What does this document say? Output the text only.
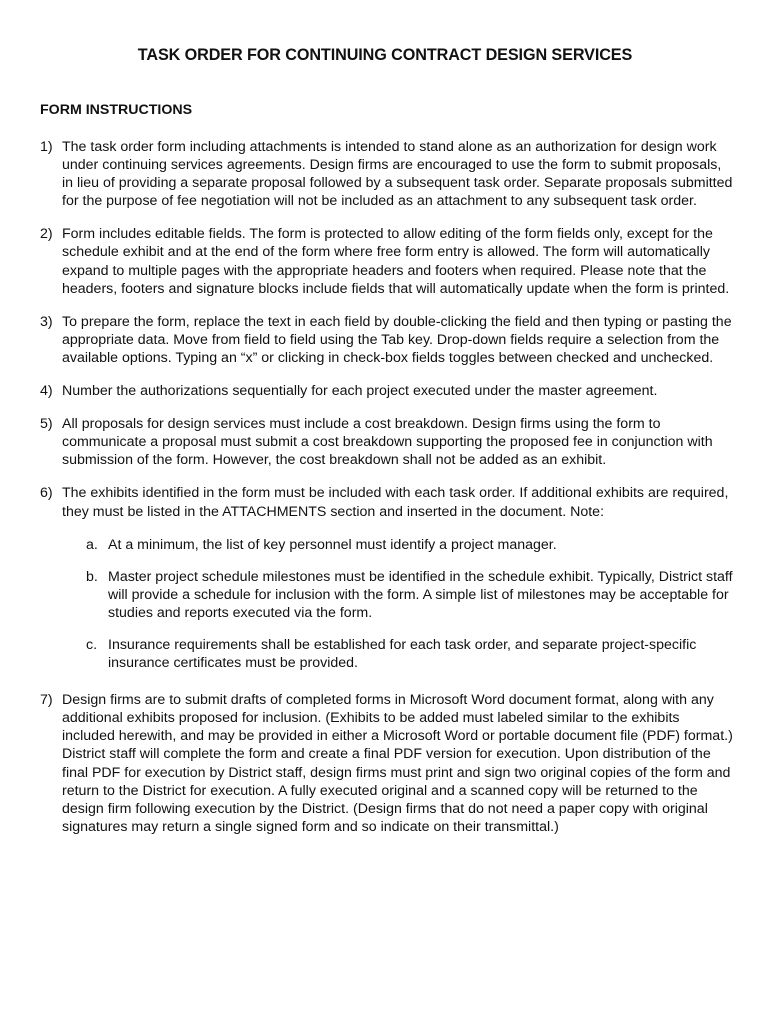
TASK ORDER FOR CONTINUING CONTRACT DESIGN SERVICES
FORM INSTRUCTIONS
1) The task order form including attachments is intended to stand alone as an authorization for design work under continuing services agreements. Design firms are encouraged to use the form to submit proposals, in lieu of providing a separate proposal followed by a subsequent task order. Separate proposals submitted for the purpose of fee negotiation will not be included as an attachment to any subsequent task order.
2) Form includes editable fields. The form is protected to allow editing of the form fields only, except for the schedule exhibit and at the end of the form where free form entry is allowed. The form will automatically expand to multiple pages with the appropriate headers and footers when required. Please note that the headers, footers and signature blocks include fields that will automatically update when the form is printed.
3) To prepare the form, replace the text in each field by double-clicking the field and then typing or pasting the appropriate data. Move from field to field using the Tab key. Drop-down fields require a selection from the available options. Typing an “x” or clicking in check-box fields toggles between checked and unchecked.
4) Number the authorizations sequentially for each project executed under the master agreement.
5) All proposals for design services must include a cost breakdown. Design firms using the form to communicate a proposal must submit a cost breakdown supporting the proposed fee in conjunction with submission of the form. However, the cost breakdown shall not be added as an exhibit.
6) The exhibits identified in the form must be included with each task order. If additional exhibits are required, they must be listed in the ATTACHMENTS section and inserted in the document. Note:
a. At a minimum, the list of key personnel must identify a project manager.
b. Master project schedule milestones must be identified in the schedule exhibit. Typically, District staff will provide a schedule for inclusion with the form. A simple list of milestones may be acceptable for studies and reports executed via the form.
c. Insurance requirements shall be established for each task order, and separate project-specific insurance certificates must be provided.
7) Design firms are to submit drafts of completed forms in Microsoft Word document format, along with any additional exhibits proposed for inclusion. (Exhibits to be added must labeled similar to the exhibits included herewith, and may be provided in either a Microsoft Word or portable document file (PDF) format.) District staff will complete the form and create a final PDF version for execution. Upon distribution of the final PDF for execution by District staff, design firms must print and sign two original copies of the form and return to the District for execution. A fully executed original and a scanned copy will be returned to the design firm following execution by the District. (Design firms that do not need a paper copy with original signatures may return a single signed form and so indicate on their transmittal.)
